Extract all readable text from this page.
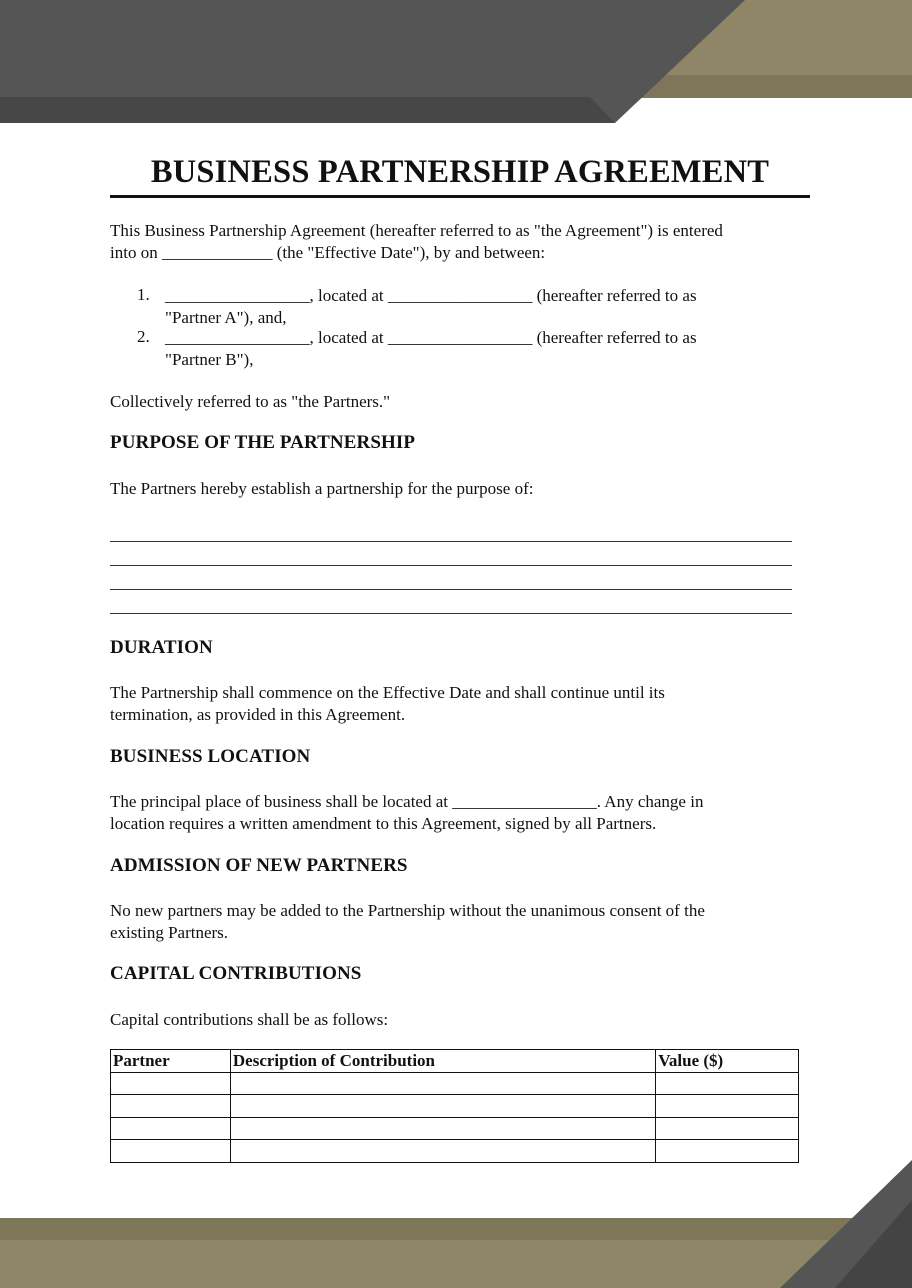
BUSINESS PARTNERSHIP AGREEMENT

This Business Partnership Agreement (hereafter referred to as "the Agreement") is entered
into on _____________ (the "Effective Date"), by and between:

1. _________________, located at _________________ (hereafter referred to as
"Partner A"), and,

2. _________________, located at _________________ (hereafter referred to as
"Partner B"),

Collectively referred to as "the Partners."

PURPOSE OF THE PARTNERSHIP

The Partners hereby establish a partnership for the purpose of:

DURATION

The Partnership shall commence on the Effective Date and shall continue until its
termination, as provided in this Agreement.

BUSINESS LOCATION

The principal place of business shall be located at _________________. Any change in
location requires a written amendment to this Agreement, signed by all Partners.

ADMISSION OF NEW PARTNERS

No new partners may be added to the Partnership without the unanimous consent of the
existing Partners.

CAPITAL CONTRIBUTIONS

Capital contributions shall be as follows:

Partner	Description of Contribution	Value ($)
